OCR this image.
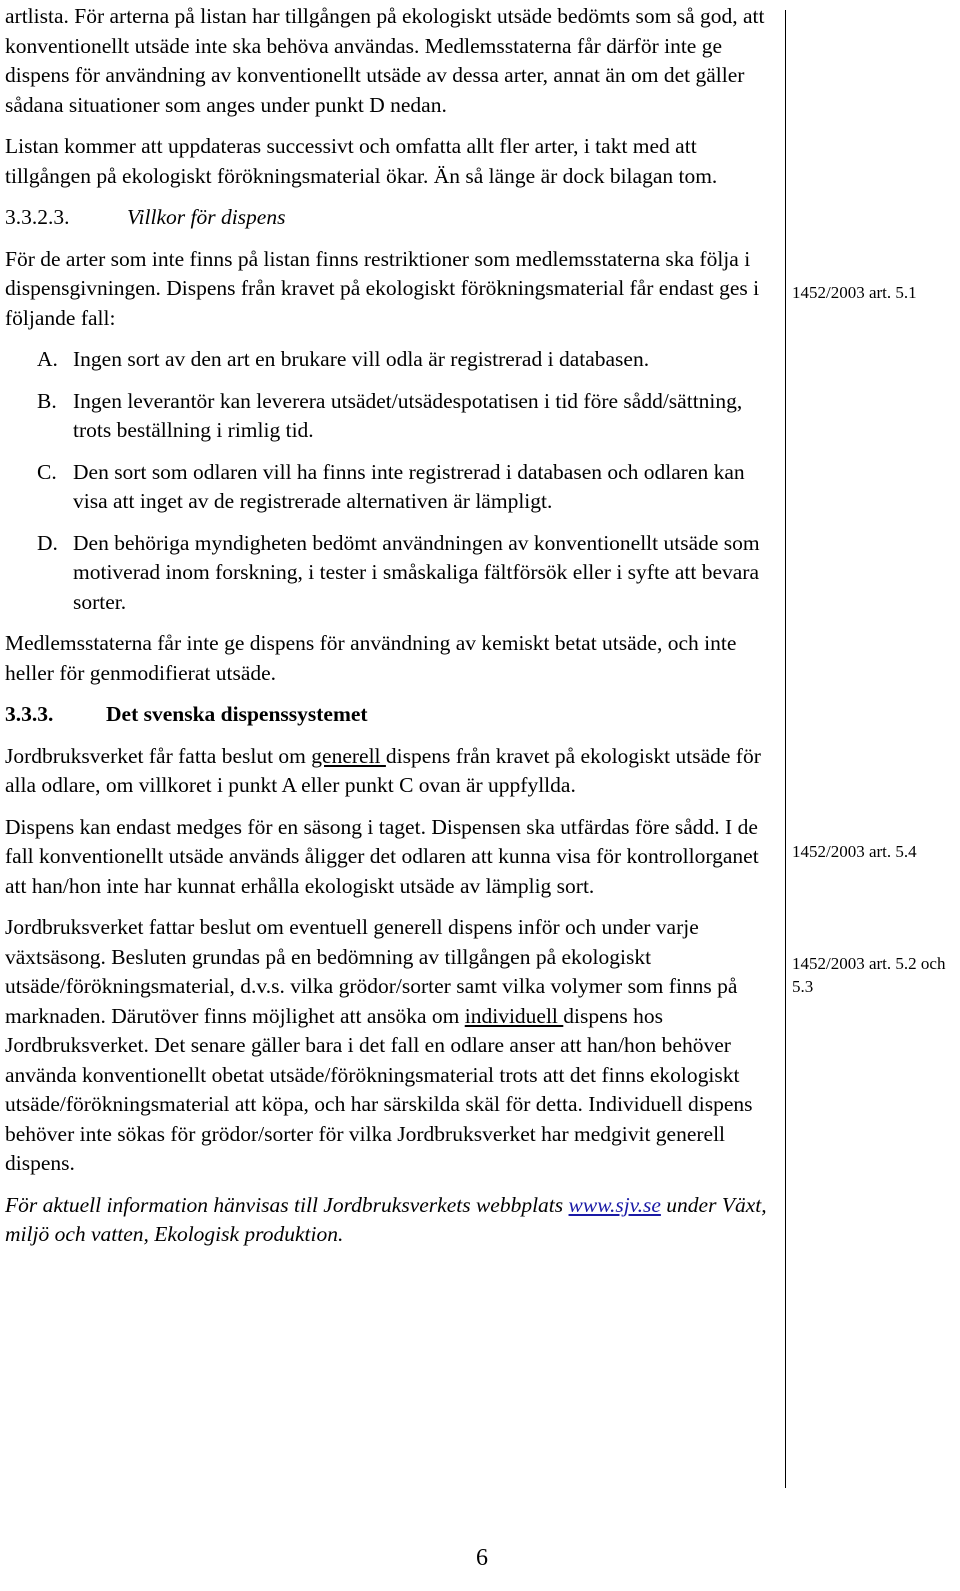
artlista. För arterna på listan har tillgången på ekologiskt utsäde bedömts som så god, att konventionellt utsäde inte ska behöva användas. Medlemsstaterna får därför inte ge dispens för användning av konventionellt utsäde av dessa arter, annat än om det gäller sådana situationer som anges under punkt D nedan.

Listan kommer att uppdateras successivt och omfatta allt fler arter, i takt med att tillgången på ekologiskt förökningsmaterial ökar. Än så länge är dock bilagan tom.

3.3.2.3.	Villkor för dispens

För de arter som inte finns på listan finns restriktioner som medlemsstaterna ska följa i dispensgivningen. Dispens från kravet på ekologiskt förökningsmaterial får endast ges i följande fall:

A. Ingen sort av den art en brukare vill odla är registrerad i databasen.
B. Ingen leverantör kan leverera utsädet/utsädespotatisen i tid före sådd/sättning, trots beställning i rimlig tid.
C. Den sort som odlaren vill ha finns inte registrerad i databasen och odlaren kan visa att inget av de registrerade alternativen är lämpligt.
D. Den behöriga myndigheten bedömt användningen av konventionellt utsäde som motiverad inom forskning, i tester i småskaliga fältförsök eller i syfte att bevara sorter.

Medlemsstaterna får inte ge dispens för användning av kemiskt betat utsäde, och inte heller för genmodifierat utsäde.

3.3.3.	Det svenska dispenssystemet

Jordbruksverket får fatta beslut om generell dispens från kravet på ekologiskt utsäde för alla odlare, om villkoret i punkt A eller punkt C ovan är uppfyllda.

Dispens kan endast medges för en säsong i taget. Dispensen ska utfärdas före sådd. I de fall konventionellt utsäde används åligger det odlaren att kunna visa för kontrollorganet att han/hon inte har kunnat erhålla ekologiskt utsäde av lämplig sort.

Jordbruksverket fattar beslut om eventuell generell dispens inför och under varje växtsäsong. Besluten grundas på en bedömning av tillgången på ekologiskt utsäde/förökningsmaterial, d.v.s. vilka grödor/sorter samt vilka volymer som finns på marknaden. Därutöver finns möjlighet att ansöka om individuell dispens hos Jordbruksverket. Det senare gäller bara i det fall en odlare anser att han/hon behöver använda konventionellt obetat utsäde/förökningsmaterial trots att det finns ekologiskt utsäde/förökningsmaterial att köpa, och har särskilda skäl för detta. Individuell dispens behöver inte sökas för grödor/sorter för vilka Jordbruksverket har medgivit generell dispens.

För aktuell information hänvisas till Jordbruksverkets webbplats www.sjv.se under Växt, miljö och vatten, Ekologisk produktion.

1452/2003 art. 5.1
1452/2003 art. 5.4
1452/2003 art. 5.2 och 5.3
6
